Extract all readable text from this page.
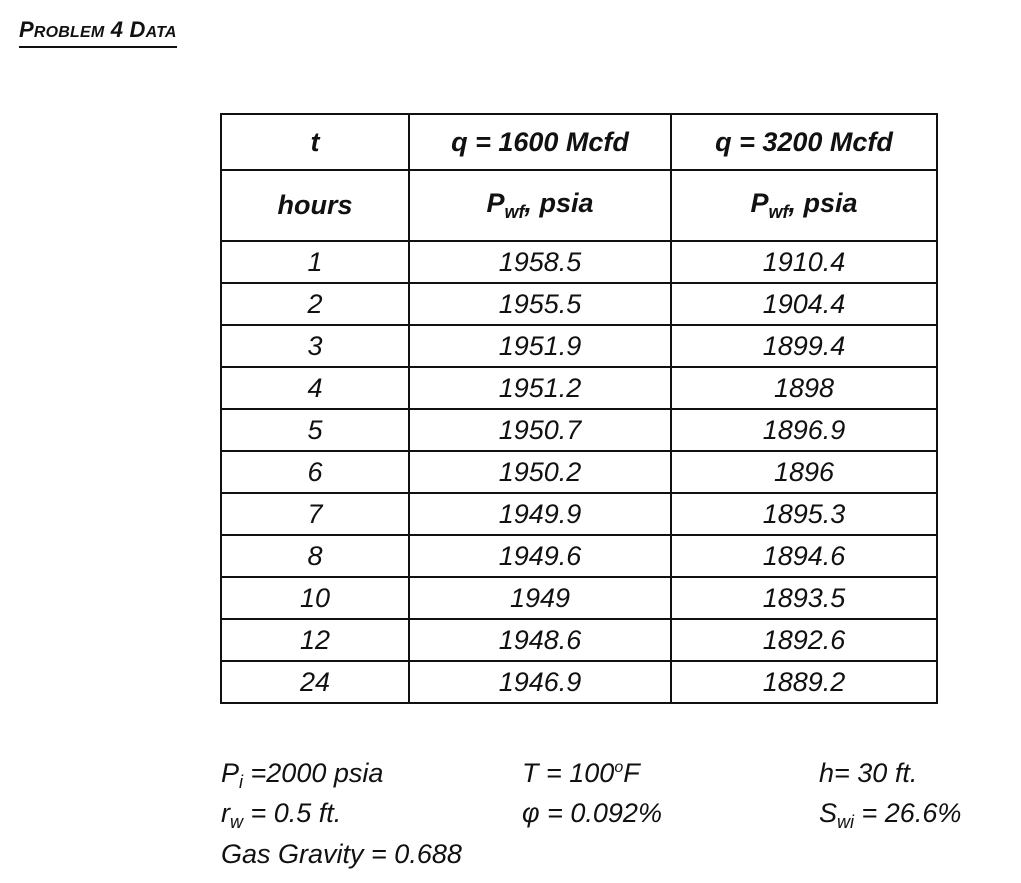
PROBLEM 4 DATA
t	q = 1600 Mcfd	q = 3200 Mcfd
hours	$P_{wf}$, psia	$P_{wf}$, psia
1	1958.5	1910.4
2	1955.5	1904.4
3	1951.9	1899.4
4	1951.2	1898
5	1950.7	1896.9
6	1950.2	1896
7	1949.9	1895.3
8	1949.6	1894.6
10	1949	1893.5
12	1948.6	1892.6
24	1946.9	1889.2
$P_i =2000$ psia	$T = 100^oF$	h= 30 ft.
$r_w = 0.5$ ft.	φ = 0.092%	$S_{wi} = 26.6\%$
Gas Gravity = 0.688
